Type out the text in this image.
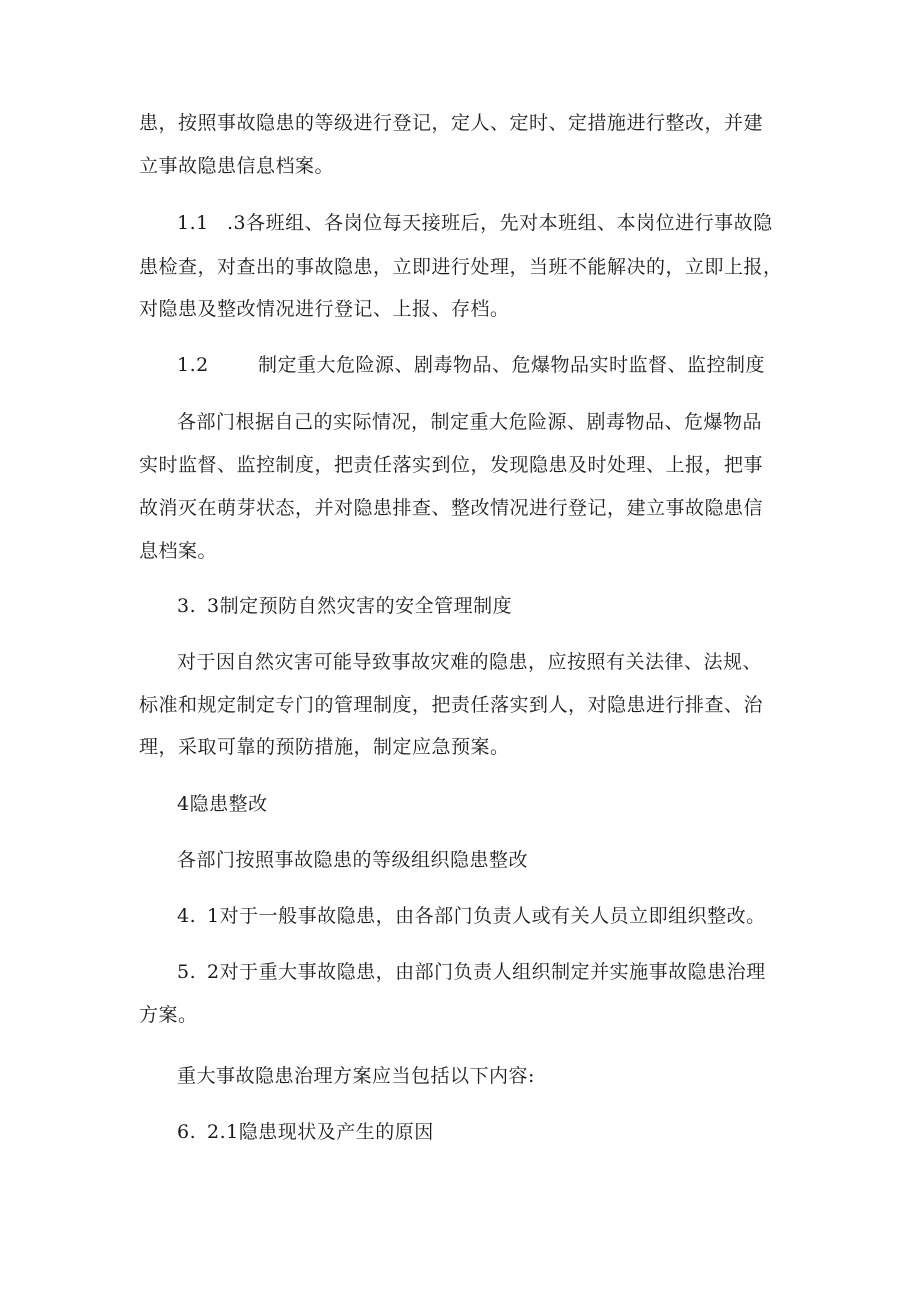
患，按照事故隐患的等级进行登记，定人、定时、定措施进行整改，并建
立事故隐患信息档案。
1.1 .3各班组、各岗位每天接班后，先对本班组、本岗位进行事故隐
患检查，对查出的事故隐患，立即进行处理，当班不能解决的，立即上报，
对隐患及整改情况进行登记、上报、存档。
1.2	制定重大危险源、剧毒物品、危爆物品实时监督、监控制度
各部门根据自己的实际情况，制定重大危险源、剧毒物品、危爆物品
实时监督、监控制度，把责任落实到位，发现隐患及时处理、上报，把事
故消灭在萌芽状态，并对隐患排查、整改情况进行登记，建立事故隐患信
息档案。
3. 3制定预防自然灾害的安全管理制度
对于因自然灾害可能导致事故灾难的隐患，应按照有关法律、法规、
标准和规定制定专门的管理制度，把责任落实到人，对隐患进行排查、治
理，采取可靠的预防措施，制定应急预案。
4隐患整改
各部门按照事故隐患的等级组织隐患整改
4. 1对于一般事故隐患，由各部门负责人或有关人员立即组织整改。
5. 2对于重大事故隐患，由部门负责人组织制定并实施事故隐患治理
方案。
重大事故隐患治理方案应当包括以下内容:
6. 2.1隐患现状及产生的原因
